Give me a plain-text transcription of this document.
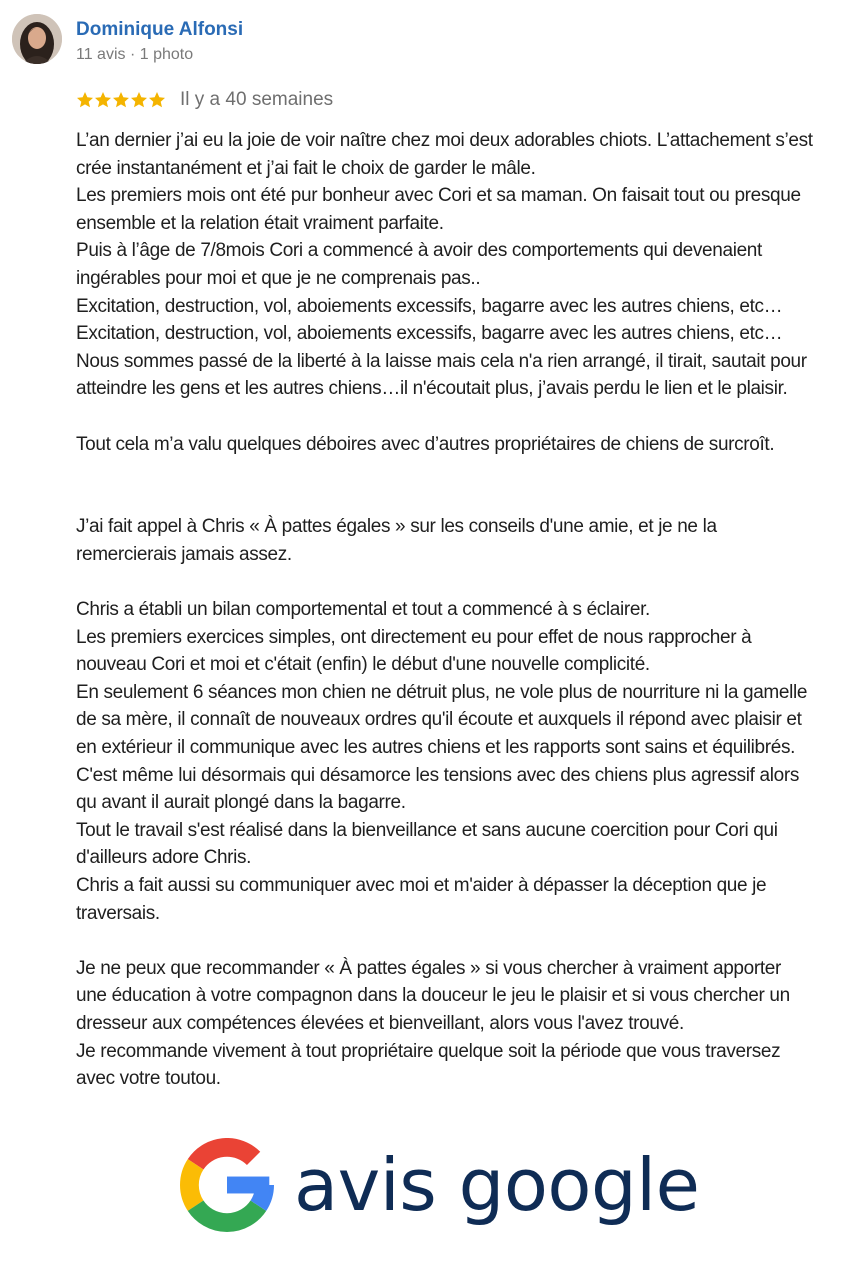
Dominique Alfonsi
11 avis · 1 photo
Il y a 40 semaines
L’an dernier j’ai eu la joie de voir naître chez moi deux adorables chiots. L’attachement s’est
crée instantanément et j’ai fait le choix de garder le mâle.
Les premiers mois ont été pur bonheur avec Cori et sa maman. On faisait tout ou presque
ensemble et la relation était vraiment parfaite.
Puis à l’âge de 7/8mois Cori a commencé à avoir des comportements qui devenaient
ingérables pour moi et que je ne comprenais pas..
Excitation, destruction, vol, aboiements excessifs, bagarre avec les autres chiens, etc…
Excitation, destruction, vol, aboiements excessifs, bagarre avec les autres chiens, etc…
Nous sommes passé de la liberté à la laisse mais cela n'a rien arrangé, il tirait, sautait pour
atteindre les gens et les autres chiens…il n'écoutait plus, j’avais perdu le lien et le plaisir.
Tout cela m’a valu quelques déboires avec d’autres propriétaires de chiens de surcroît.
J’ai fait appel à Chris « À pattes égales » sur les conseils d'une amie, et je ne la
remercierais jamais assez.
Chris a établi un bilan comportemental et tout a commencé à s éclairer.
Les premiers exercices simples, ont directement eu pour effet de nous rapprocher à
nouveau Cori et moi et c'était (enfin) le début d'une nouvelle complicité.
En seulement 6 séances mon chien ne détruit plus, ne vole plus de nourriture ni la gamelle
de sa mère, il connaît de nouveaux ordres qu'il écoute et auxquels il répond avec plaisir et
en extérieur il communique avec les autres chiens et les rapports sont sains et équilibrés.
C'est même lui désormais qui désamorce les tensions avec des chiens plus agressif alors
qu avant il aurait plongé dans la bagarre.
Tout le travail s'est réalisé dans la bienveillance et sans aucune coercition pour Cori qui
d'ailleurs adore Chris.
Chris a fait aussi su communiquer avec moi et m'aider à dépasser la déception que je
traversais.
Je ne peux que recommander « À pattes égales » si vous chercher à vraiment apporter
une éducation à votre compagnon dans la douceur le jeu le plaisir et si vous chercher un
dresseur aux compétences élevées et bienveillant, alors vous l'avez trouvé.
Je recommande vivement à tout propriétaire quelque soit la période que vous traversez
avec votre toutou.
avis google
